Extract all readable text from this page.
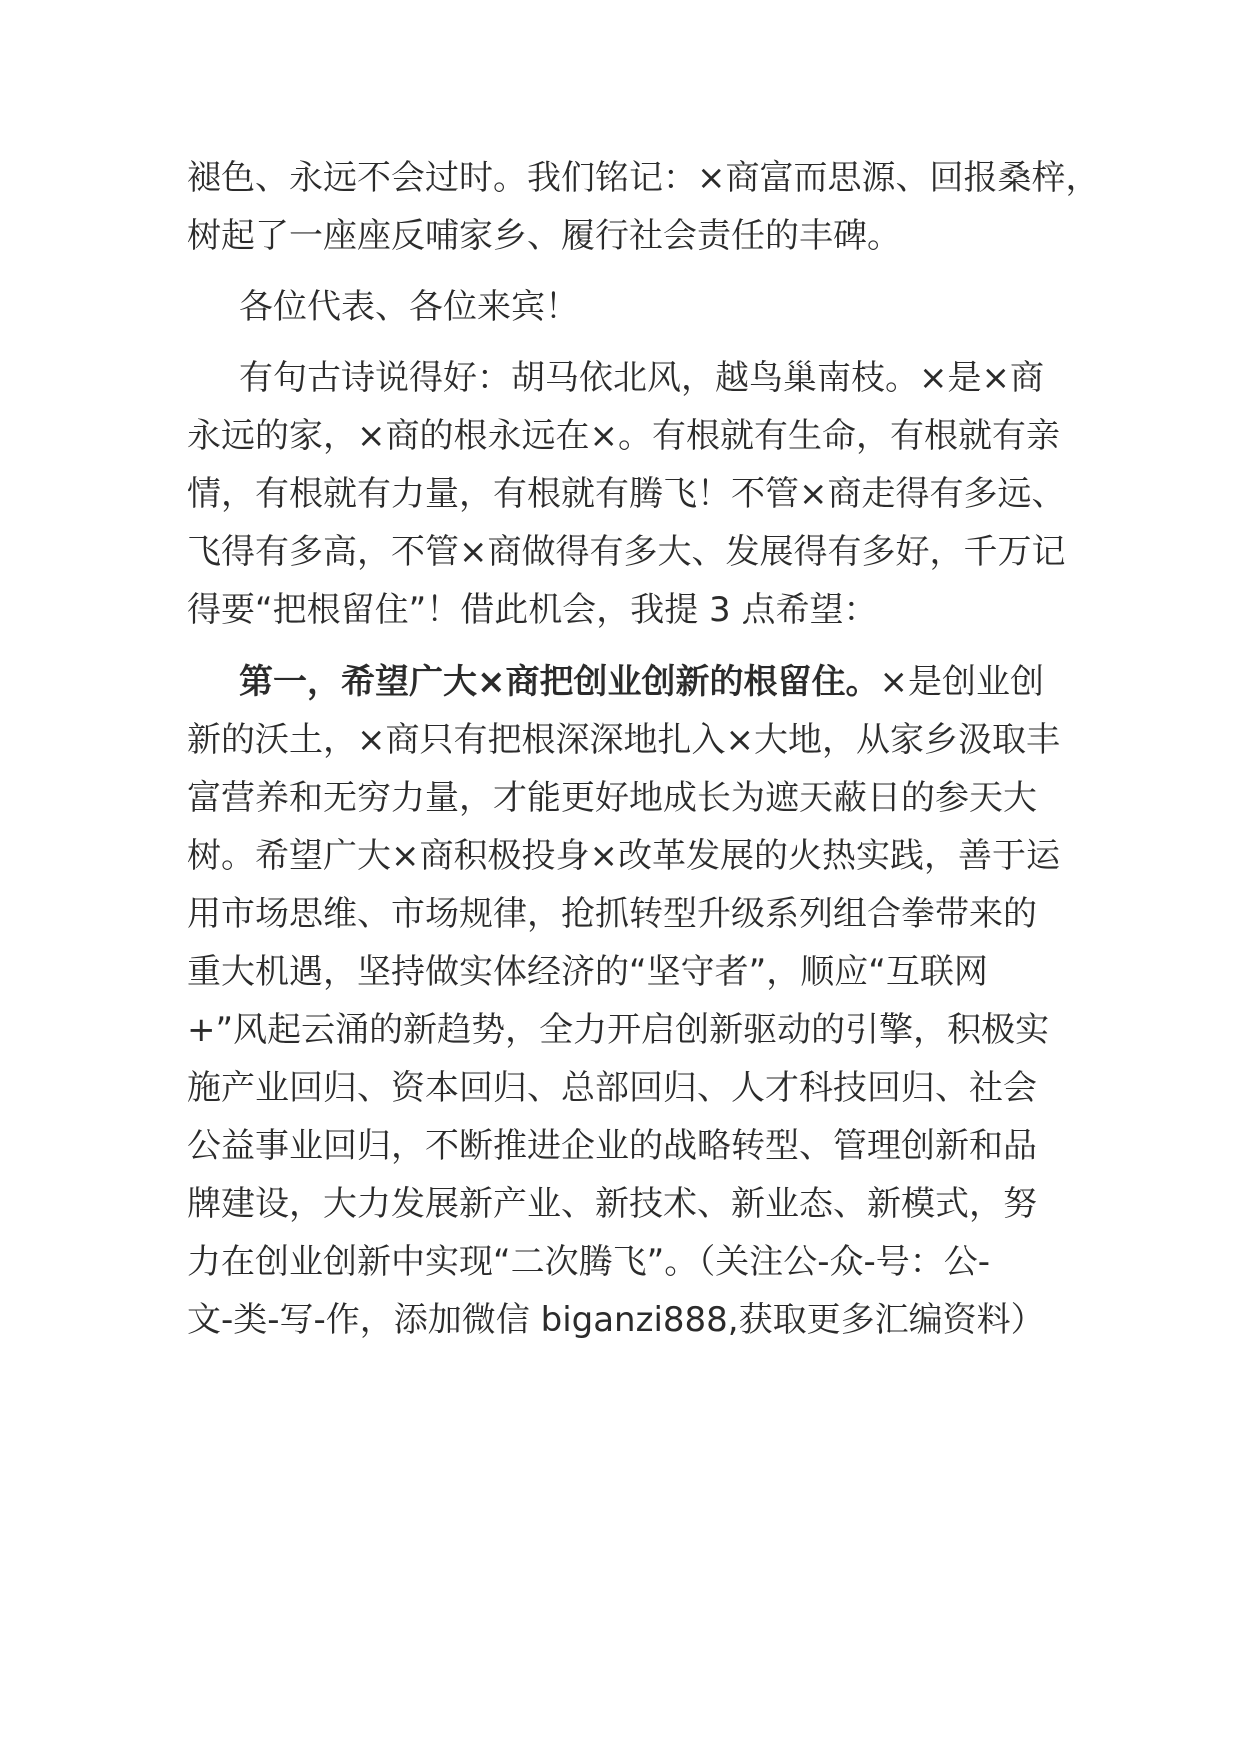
褪色、永远不会过时。我们铭记：×商富而思源、回报桑梓，
树起了一座座反哺家乡、履行社会责任的丰碑。
各位代表、各位来宾！
有句古诗说得好：胡马依北风，越鸟巢南枝。×是×商
永远的家，×商的根永远在×。有根就有生命，有根就有亲
情，有根就有力量，有根就有腾飞！不管×商走得有多远、
飞得有多高，不管×商做得有多大、发展得有多好，千万记
得要“把根留住”！借此机会，我提 3 点希望：
第一，希望广大×商把创业创新的根留住。×是创业创
新的沃土，×商只有把根深深地扎入×大地，从家乡汲取丰
富营养和无穷力量，才能更好地成长为遮天蔽日的参天大
树。希望广大×商积极投身×改革发展的火热实践，善于运
用市场思维、市场规律，抢抓转型升级系列组合拳带来的
重大机遇，坚持做实体经济的“坚守者”，顺应“互联网
+”风起云涌的新趋势，全力开启创新驱动的引擎，积极实
施产业回归、资本回归、总部回归、人才科技回归、社会
公益事业回归，不断推进企业的战略转型、管理创新和品
牌建设，大力发展新产业、新技术、新业态、新模式，努
力在创业创新中实现“二次腾飞”。（关注公-众-号：公-
文-类-写-作，添加微信 biganzi888,获取更多汇编资料）
